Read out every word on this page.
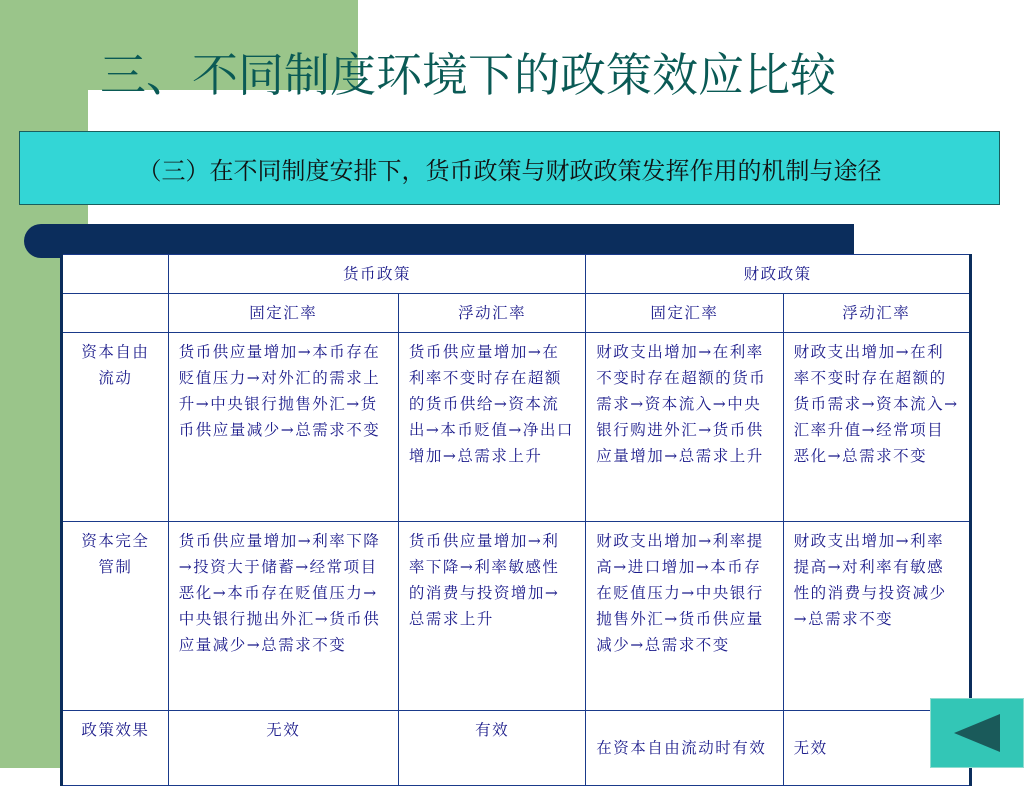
三、不同制度环境下的政策效应比较
（三）在不同制度安排下，货币政策与财政政策发挥作用的机制与途径
	货币政策		财政政策	
	固定汇率	浮动汇率	固定汇率	浮动汇率
资本自由流动	货币供应量增加→本币存在贬值压力→对外汇的需求上升→中央银行抛售外汇→货币供应量减少→总需求不变	货币供应量增加→在利率不变时存在超额的货币供给→资本流出→本币贬值→净出口增加→总需求上升	财政支出增加→在利率不变时存在超额的货币需求→资本流入→中央银行购进外汇→货币供应量增加→总需求上升	财政支出增加→在利率不变时存在超额的货币需求→资本流入→汇率升值→经常项目恶化→总需求不变
资本完全管制	货币供应量增加→利率下降→投资大于储蓄→经常项目恶化→本币存在贬值压力→中央银行抛出外汇→货币供应量减少→总需求不变	货币供应量增加→利率下降→利率敏感性的消费与投资增加→总需求上升	财政支出增加→利率提高→进口增加→本币存在贬值压力→中央银行抛售外汇→货币供应量减少→总需求不变	财政支出增加→利率提高→对利率有敏感性的消费与投资减少→总需求不变
政策效果	无效	有效	在资本自由流动时有效	无效
